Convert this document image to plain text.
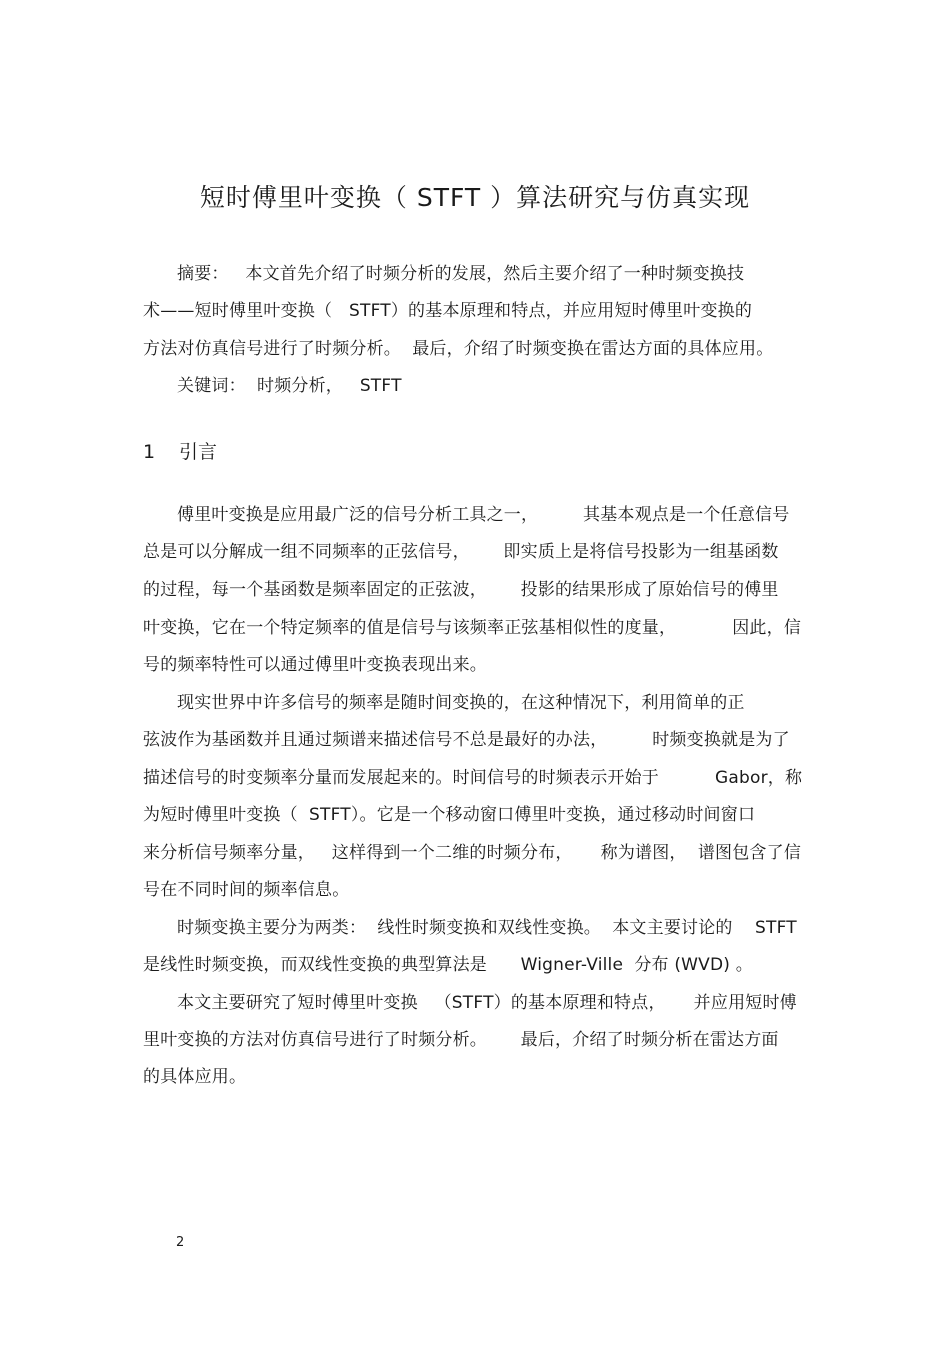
短时傅里叶变换（ STFT ）算法研究与仿真实现
摘要：   本文首先介绍了时频分析的发展，然后主要介绍了一种时频变换技
术——短时傅里叶变换（   STFT）的基本原理和特点，并应用短时傅里叶变换的
方法对仿真信号进行了时频分析。  最后，介绍了时频变换在雷达方面的具体应用。
关键词：  时频分析，   STFT
1 引言
傅里叶变换是应用最广泛的信号分析工具之一，        其基本观点是一个任意信号
总是可以分解成一组不同频率的正弦信号，      即实质上是将信号投影为一组基函数
的过程，每一个基函数是频率固定的正弦波，      投影的结果形成了原始信号的傅里
叶变换，它在一个特定频率的值是信号与该频率正弦基相似性的度量，          因此，信
号的频率特性可以通过傅里叶变换表现出来。
现实世界中许多信号的频率是随时间变换的，在这种情况下，利用简单的正
弦波作为基函数并且通过频谱来描述信号不总是最好的办法，        时频变换就是为了
描述信号的时变频率分量而发展起来的。时间信号的时频表示开始于          Gabor，称
为短时傅里叶变换（  STFT）。它是一个移动窗口傅里叶变换，通过移动时间窗口
来分析信号频率分量，   这样得到一个二维的时频分布，     称为谱图，  谱图包含了信
号在不同时间的频率信息。
时频变换主要分为两类：  线性时频变换和双线性变换。  本文主要讨论的    STFT
是线性时频变换，而双线性变换的典型算法是      Wigner-Ville  分布 (WVD) 。
本文主要研究了短时傅里叶变换   （STFT）的基本原理和特点，     并应用短时傅
里叶变换的方法对仿真信号进行了时频分析。      最后，介绍了时频分析在雷达方面
的具体应用。
2
